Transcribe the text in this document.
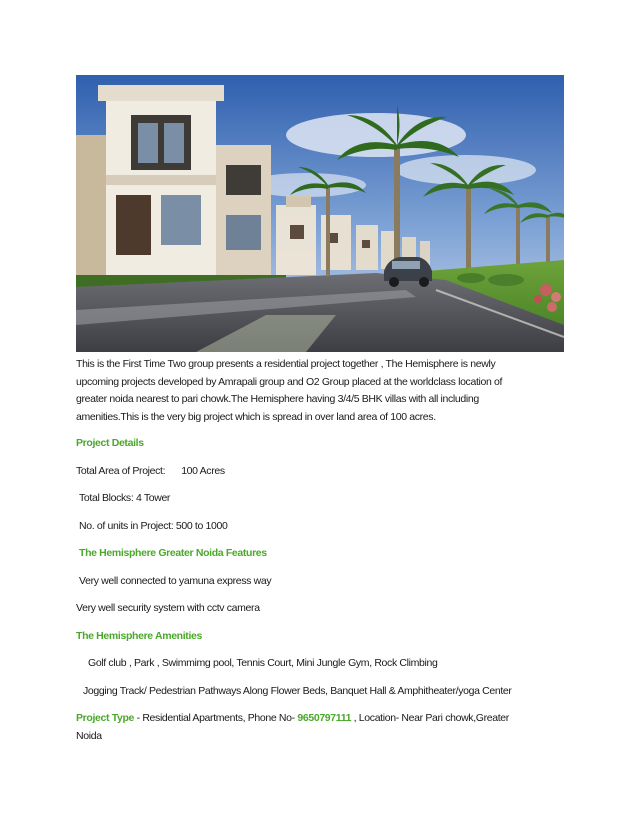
This is the First Time Two group presents a residential project together , The Hemisphere is newly
upcoming projects developed by Amrapali group and O2 Group placed at the worldclass location of
greater noida nearest to pari chowk.The Hemisphere having 3/4/5 BHK villas with all including
amenities.This is the very big project which is spread in over land area of 100 acres.

Project Details
Total Area of Project: 100 Acres
Total Blocks: 4 Tower
No. of units in Project: 500 to 1000
The Hemisphere Greater Noida Features
Very well connected to yamuna express way
Very well security system with cctv camera
The Hemisphere Amenities
Golf club , Park , Swimmimg pool, Tennis Court, Mini Jungle Gym, Rock Climbing
Jogging Track/ Pedestrian Pathways Along Flower Beds, Banquet Hall & Amphitheater/yoga Center
Project Type - Residential Apartments, Phone No- 9650797111 , Location- Near Pari chowk,Greater
Noida
